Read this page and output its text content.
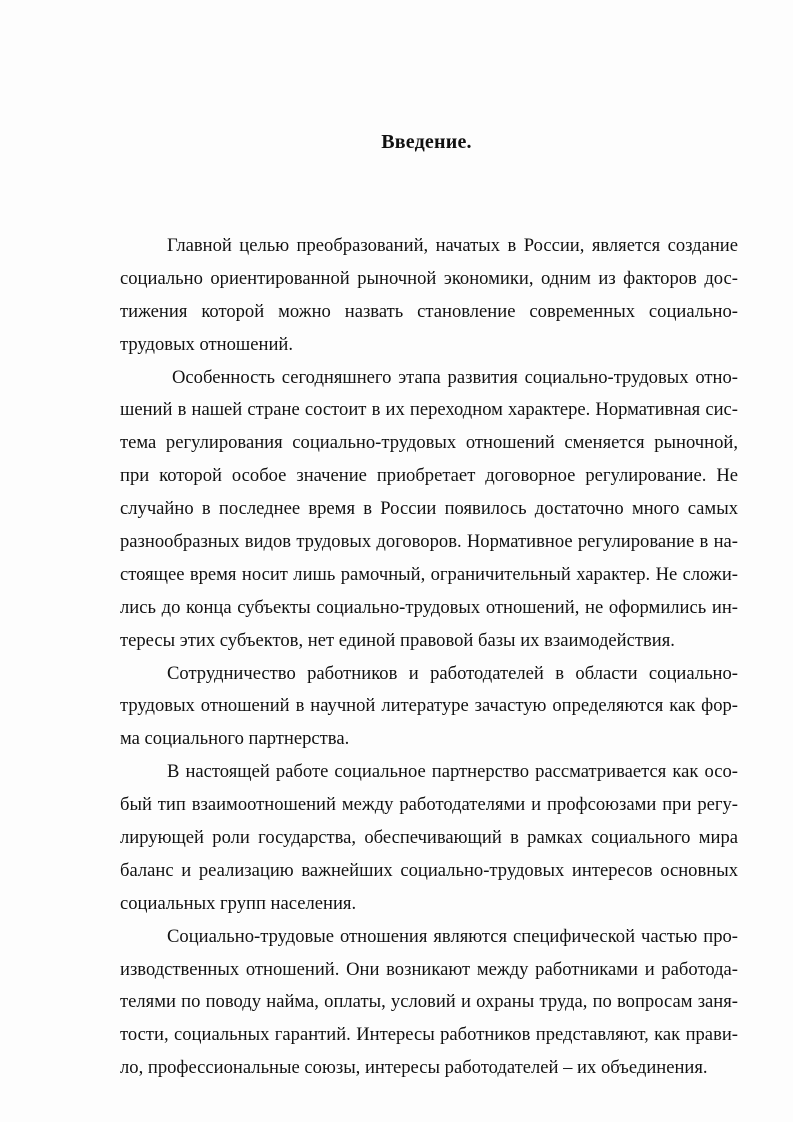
Введение.
Главной целью преобразований, начатых в России, является создание
социально ориентированной рыночной экономики, одним из факторов дос-
тижения которой можно назвать становление современных социально-
трудовых отношений.
Особенность сегодняшнего этапа развития социально-трудовых отно-
шений в нашей стране состоит в их переходном характере. Нормативная сис-
тема регулирования социально-трудовых отношений сменяется рыночной,
при которой особое значение приобретает договорное регулирование. Не
случайно в последнее время в России появилось достаточно много самых
разнообразных видов трудовых договоров. Нормативное регулирование в на-
стоящее время носит лишь рамочный, ограничительный характер. Не сложи-
лись до конца субъекты социально-трудовых отношений, не оформились ин-
тересы этих субъектов, нет единой правовой базы их взаимодействия.
Сотрудничество работников и работодателей в области социально-
трудовых отношений в научной литературе зачастую определяются как фор-
ма социального партнерства.
В настоящей работе социальное партнерство рассматривается как осо-
бый тип взаимоотношений между работодателями и профсоюзами при регу-
лирующей роли государства, обеспечивающий в рамках социального мира
баланс и реализацию важнейших социально-трудовых интересов основных
социальных групп населения.
Социально-трудовые отношения являются специфической частью про-
изводственных отношений. Они возникают между работниками и работода-
телями по поводу найма, оплаты, условий и охраны труда, по вопросам заня-
тости, социальных гарантий. Интересы работников представляют, как прави-
ло, профессиональные союзы, интересы работодателей – их объединения.
